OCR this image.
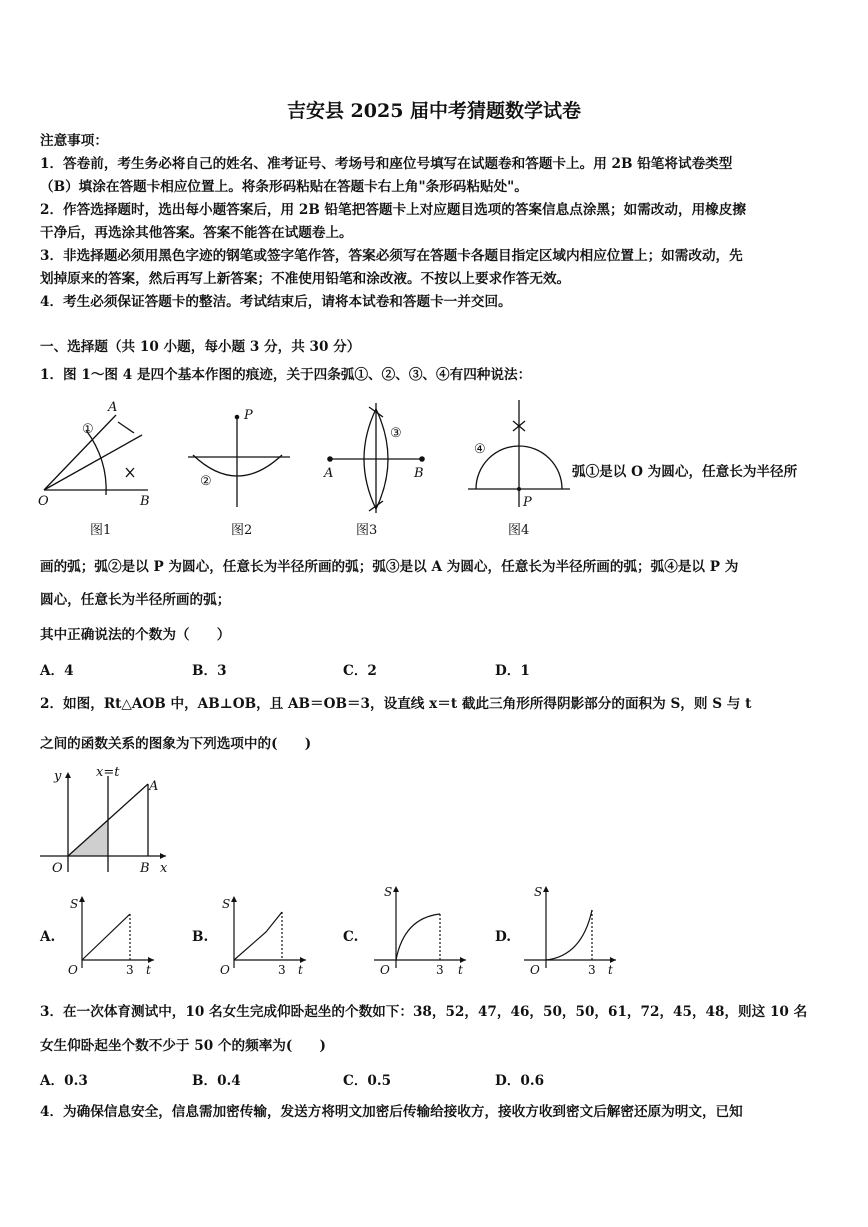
吉安县 2025 届中考猜题数学试卷
注意事项：
1．答卷前，考生务必将自己的姓名、准考证号、考场号和座位号填写在试题卷和答题卡上。用 2B 铅笔将试卷类型
（B）填涂在答题卡相应位置上。将条形码粘贴在答题卡右上角"条形码粘贴处"。
2．作答选择题时，选出每小题答案后，用 2B 铅笔把答题卡上对应题目选项的答案信息点涂黑；如需改动，用橡皮擦
干净后，再选涂其他答案。答案不能答在试题卷上。
3．非选择题必须用黑色字迹的钢笔或签字笔作答，答案必须写在答题卡各题目指定区域内相应位置上；如需改动，先
划掉原来的答案，然后再写上新答案；不准使用铅笔和涂改液。不按以上要求作答无效。
4．考生必须保证答题卡的整洁。考试结束后，请将本试卷和答题卡一并交回。
一、选择题（共 10 小题，每小题 3 分，共 30 分）
1．图 1～图 4 是四个基本作图的痕迹，关于四条弧①、②、③、④有四种说法：
A
O	B
P
A	B
P
①
②
③
④
图1	图2	图3	图4
弧①是以 O 为圆心，任意长为半径所
画的弧；弧②是以 P 为圆心，任意长为半径所画的弧；弧③是以 A 为圆心，任意长为半径所画的弧；弧④是以 P 为
圆心，任意长为半径所画的弧；
其中正确说法的个数为（　　）
A．4	B．3	C．2	D．1
2．如图，Rt△AOB 中，AB⊥OB，且 AB＝OB＝3，设直线 x＝t 截此三角形所得阴影部分的面积为 S，则 S 与 t
之间的函数关系的图象为下列选项中的(　　)
y	x=t
A
O	B x
A.	B.	C.	D.
S
O	t
3
S
O	t
3
S
O	t
3
S
O	t
3
3．在一次体育测试中，10 名女生完成仰卧起坐的个数如下：38，52，47，46，50，50，61，72，45，48，则这 10 名
女生仰卧起坐个数不少于 50 个的频率为(　　)
A．0.3	B．0.4	C．0.5	D．0.6
4．为确保信息安全，信息需加密传输，发送方将明文加密后传输给接收方，接收方收到密文后解密还原为明文，已知
